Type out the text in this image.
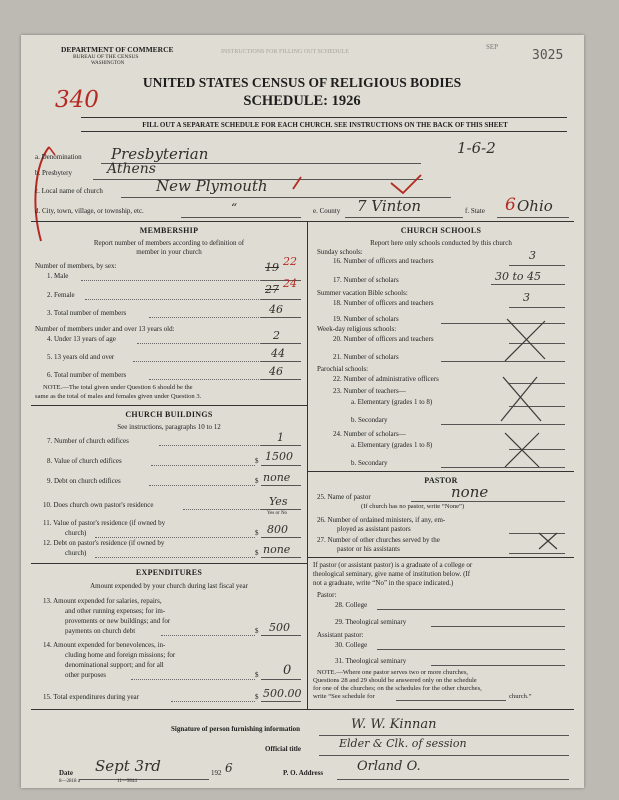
DEPARTMENT OF COMMERCE
BUREAU OF THE CENSUS
WASHINGTON
INSTRUCTIONS FOR FILLING OUT SCHEDULE
SEP
3025
UNITED STATES CENSUS OF RELIGIOUS BODIES
SCHEDULE: 1926
340
FILL OUT A SEPARATE SCHEDULE FOR EACH CHURCH. SEE INSTRUCTIONS ON THE BACK OF THIS SHEET
a. Denomination Presbyterian	1-6-2
b. Presbytery	Athens
c. Local name of church	New Plymouth
d. City, town, village, or township, etc.	“	e. County 7 Vinton	f. State 6 Ohio
MEMBERSHIP
Report number of members according to definition of
member in your church
Number of members, by sex:
1. Male
19 22
2. Female	27 24
3. Total number of members	46
Number of members under and over 13 years old:
4. Under 13 years of age	2
5. 13 years old and over	44
6. Total number of members	46
NOTE.—The total given under Question 6 should be the
same as the total of males and females given under Question 3.
CHURCH BUILDINGS
See instructions, paragraphs 10 to 12
7. Number of church edifices	1
8. Value of church edifices	$ 1500
9. Debt on church edifices	$ none
10. Does church own pastor's residence	Yes
Yes or No
11. Value of pastor's residence (if owned by
church)	$ 800
12. Debt on pastor's residence (if owned by
church)	$ none
EXPENDITURES
Amount expended by your church during last fiscal year
13. Amount expended for salaries, repairs,
and other running expenses; for im-
provements or new buildings; and for
payments on church debt	$ 500
14. Amount expended for benevolences, in-
cluding home and foreign missions; for
denominational support; and for all
other purposes	$ 0
15. Total expenditures during year	$ 500.00
CHURCH SCHOOLS
Report here only schools conducted by this church
Sunday schools:
16. Number of officers and teachers	3
17. Number of scholars	30 to 45
Summer vacation Bible schools:
18. Number of officers and teachers	3
19. Number of scholars
Week-day religious schools:
20. Number of officers and teachers
21. Number of scholars
Parochial schools:
22. Number of administrative officers
23. Number of teachers—
a. Elementary (grades 1 to 8)
b. Secondary
24. Number of scholars—
a. Elementary (grades 1 to 8)
b. Secondary
PASTOR
25. Name of pastor	none
(If church has no pastor, write “None”)
26. Number of ordained ministers, if any, em-
ployed as assistant pastors
27. Number of other churches served by the
pastor or his assistants
If pastor (or assistant pastor) is a graduate of a college or
theological seminary, give name of institution below. (If
not a graduate, write “No” in the space indicated.)
Pastor:
28. College
29. Theological seminary
Assistant pastor:
30. College
31. Theological seminary
NOTE.—Where one pastor serves two or more churches,
Questions 28 and 29 should be answered only on the schedule
for one of the churches; on the schedules for the other churches,
write “See schedule for	church.”
Signature of person furnishing information	W. W. Kinnan
Official title	Elder & Clk. of session
Date Sept 3rd	192 6	P. O. Address	Orland O.
8—2818 a	11—9844
